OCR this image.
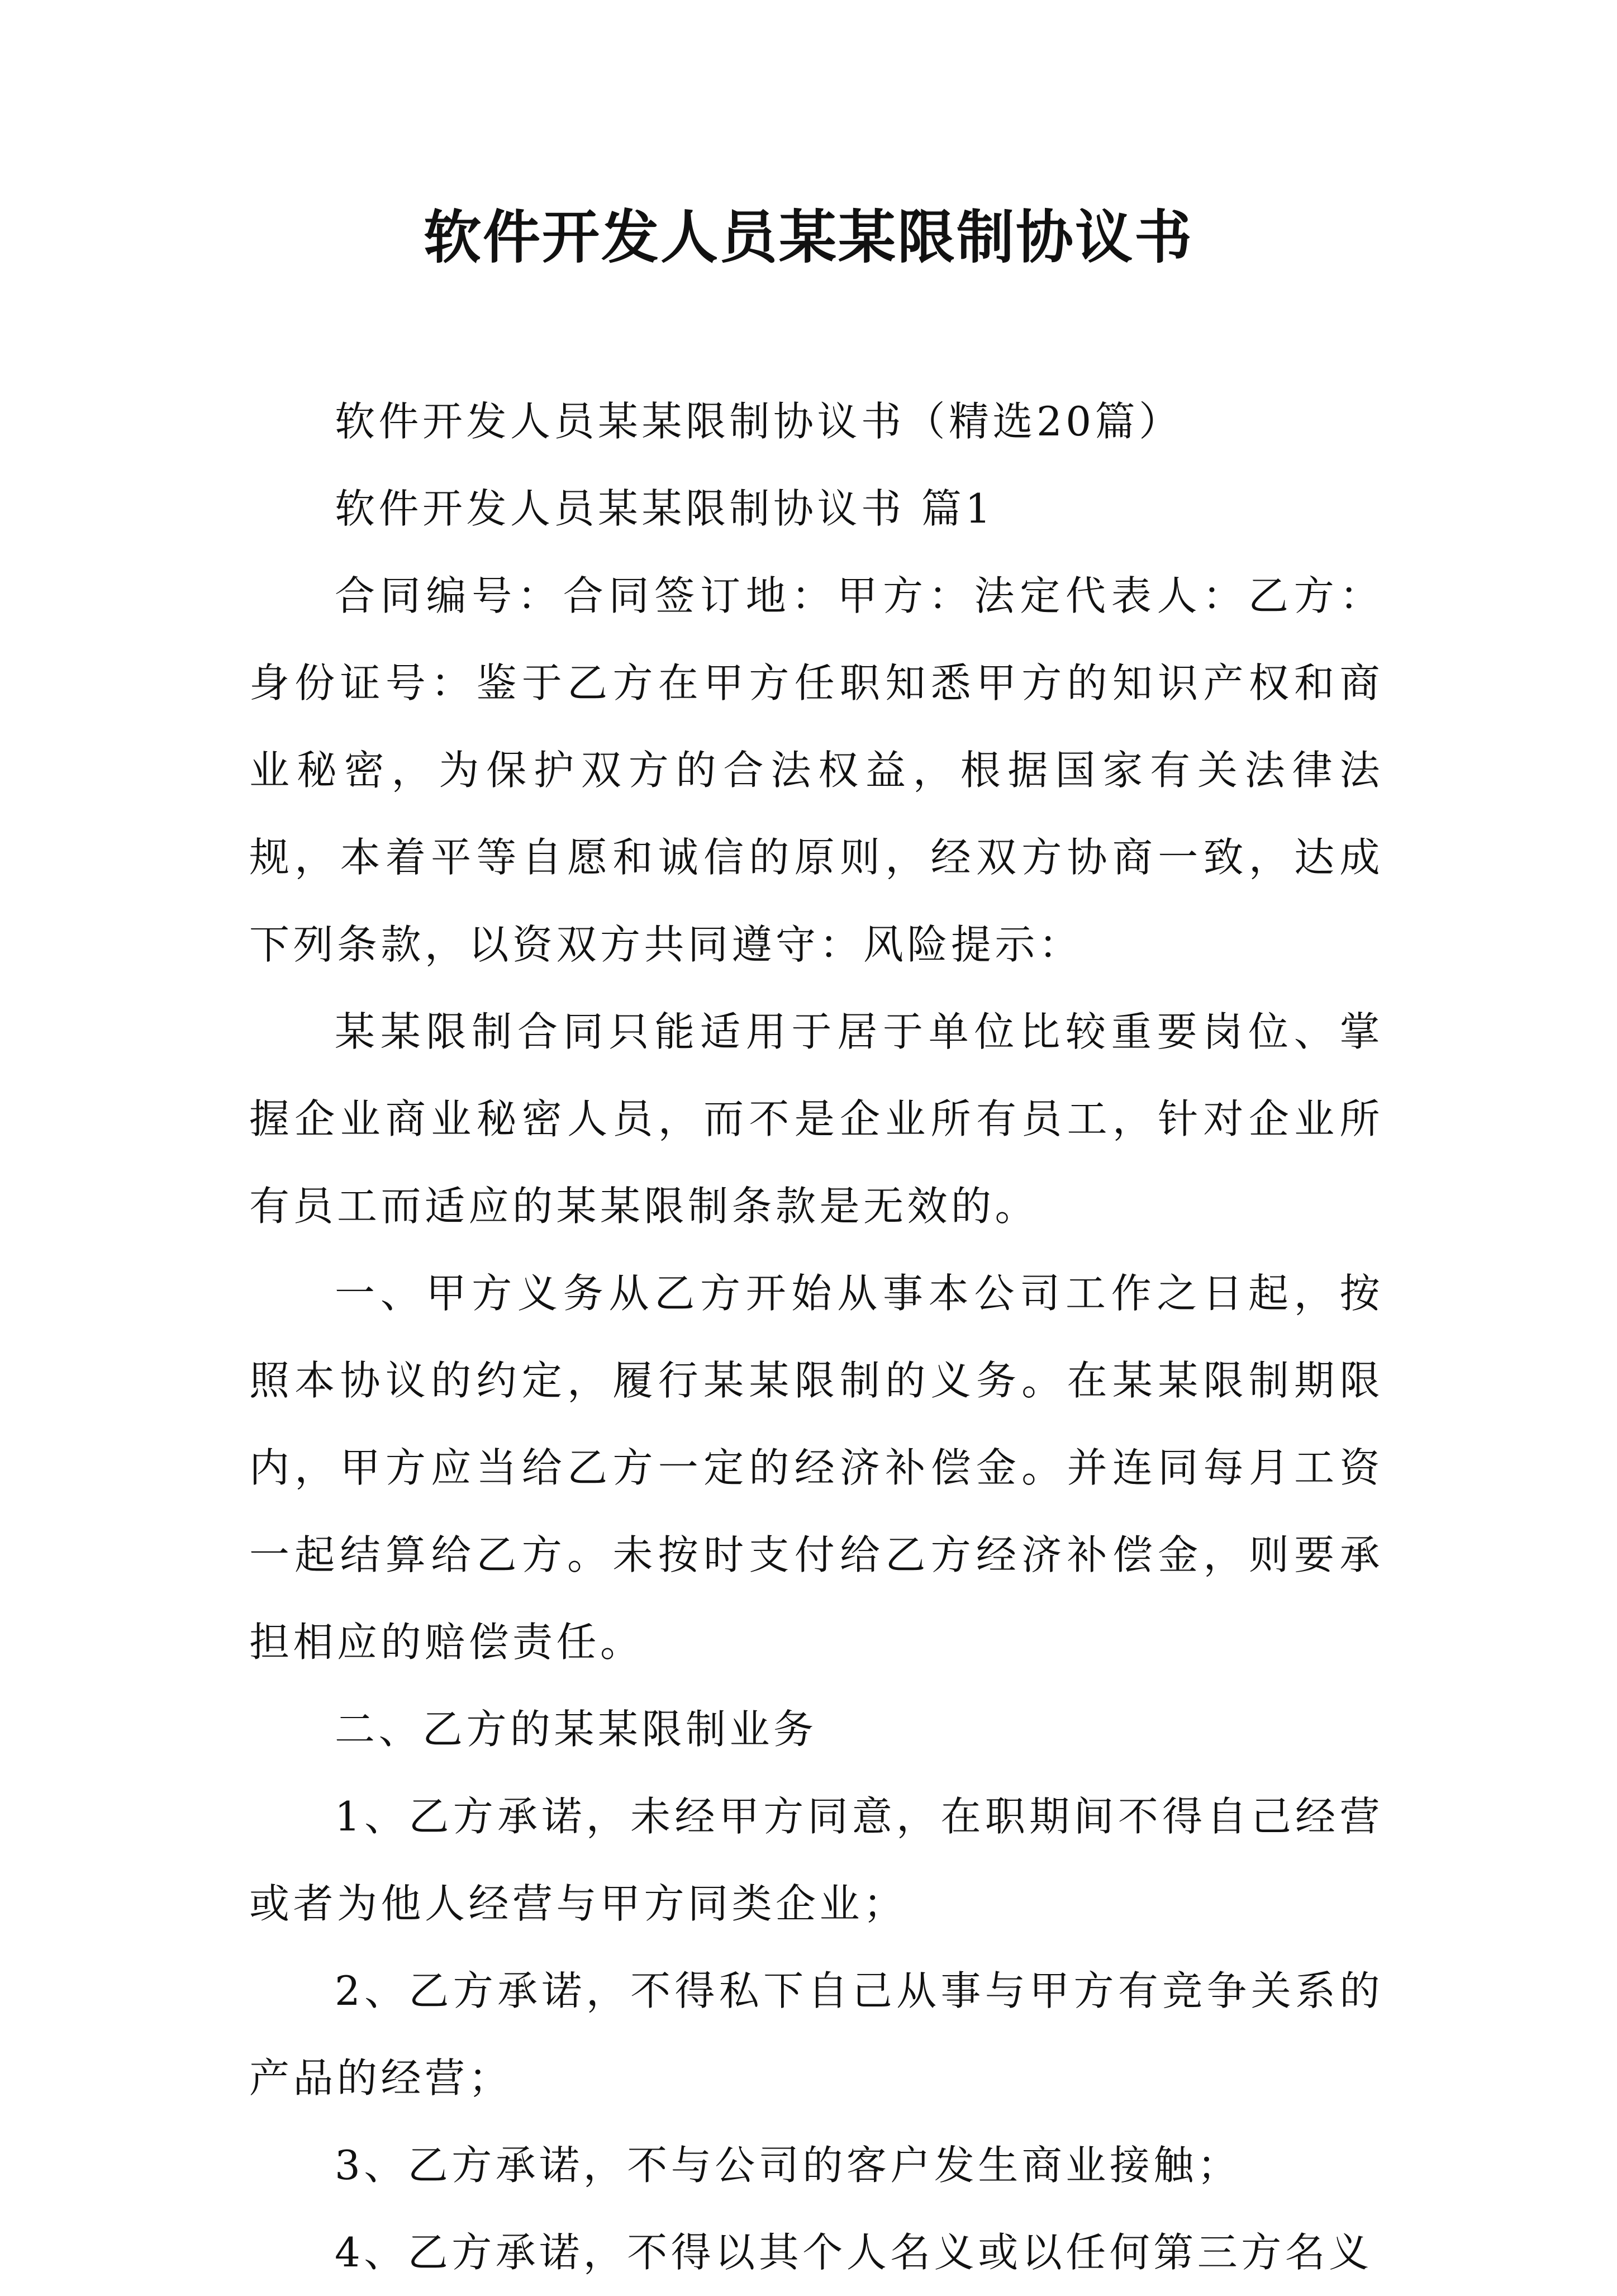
软件开发人员某某限制协议书

软件开发人员某某限制协议书（精选20篇）

软件开发人员某某限制协议书 篇1

合同编号：合同签订地：甲方：法定代表人：乙方：身份证号：鉴于乙方在甲方任职知悉甲方的知识产权和商业秘密，为保护双方的合法权益，根据国家有关法律法规，本着平等自愿和诚信的原则，经双方协商一致，达成下列条款，以资双方共同遵守：风险提示：

某某限制合同只能适用于居于单位比较重要岗位、掌握企业商业秘密人员，而不是企业所有员工，针对企业所有员工而适应的某某限制条款是无效的。

一、甲方义务从乙方开始从事本公司工作之日起，按照本协议的约定，履行某某限制的义务。在某某限制期限内，甲方应当给乙方一定的经济补偿金。并连同每月工资一起结算给乙方。未按时支付给乙方经济补偿金，则要承担相应的赔偿责任。

二、乙方的某某限制业务

1、乙方承诺，未经甲方同意，在职期间不得自己经营或者为他人经营与甲方同类企业；

2、乙方承诺，不得私下自己从事与甲方有竞争关系的产品的经营；

3、乙方承诺，不与公司的客户发生商业接触；

4、乙方承诺，不得以其个人名义或以任何第三方名义
